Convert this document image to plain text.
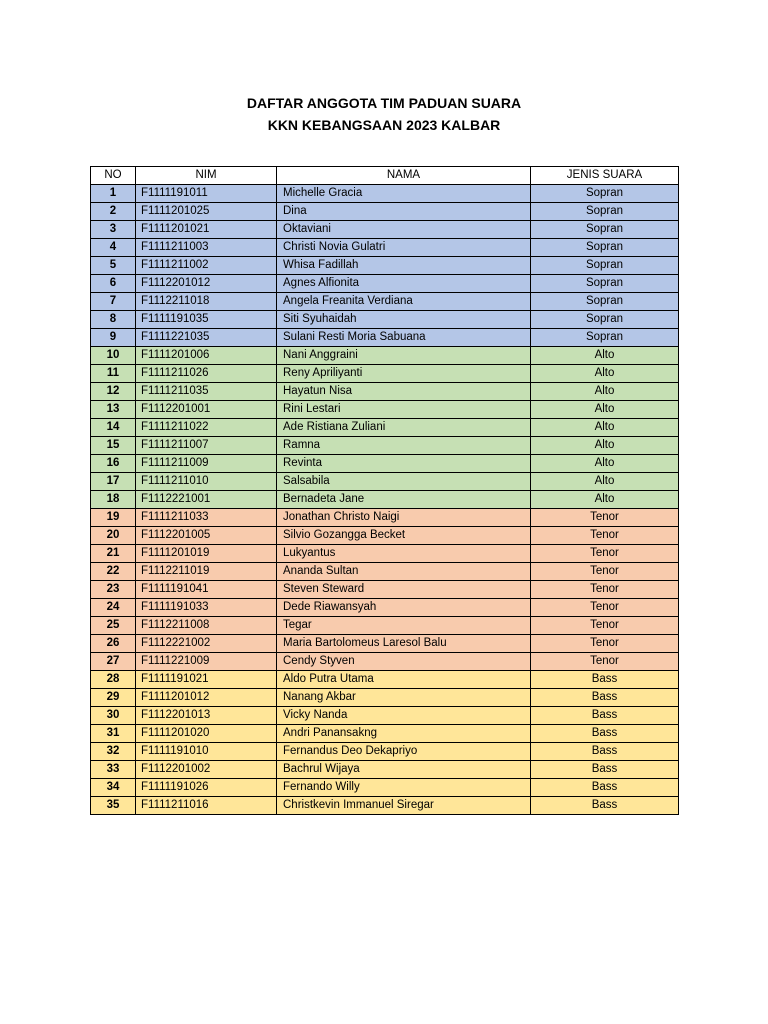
DAFTAR ANGGOTA TIM PADUAN SUARA
KKN KEBANGSAAN 2023 KALBAR
NO	NIM	NAMA	JENIS SUARA
1	F1111191011	Michelle Gracia	Sopran
2	F1111201025	Dina	Sopran
3	F1111201021	Oktaviani	Sopran
4	F1111211003	Christi Novia Gulatri	Sopran
5	F1111211002	Whisa Fadillah	Sopran
6	F1112201012	Agnes Alfionita	Sopran
7	F1112211018	Angela Freanita Verdiana	Sopran
8	F1111191035	Siti Syuhaidah	Sopran
9	F1111221035	Sulani Resti Moria Sabuana	Sopran
10	F1111201006	Nani Anggraini	Alto
11	F1111211026	Reny Apriliyanti	Alto
12	F1111211035	Hayatun Nisa	Alto
13	F1112201001	Rini Lestari	Alto
14	F1111211022	Ade Ristiana Zuliani	Alto
15	F1111211007	Ramna	Alto
16	F1111211009	Revinta	Alto
17	F1111211010	Salsabila	Alto
18	F1112221001	Bernadeta Jane	Alto
19	F1111211033	Jonathan Christo Naigi	Tenor
20	F1112201005	Silvio Gozangga Becket	Tenor
21	F1111201019	Lukyantus	Tenor
22	F1112211019	Ananda Sultan	Tenor
23	F1111191041	Steven Steward	Tenor
24	F1111191033	Dede Riawansyah	Tenor
25	F1112211008	Tegar	Tenor
26	F1112221002	Maria Bartolomeus Laresol Balu	Tenor
27	F1111221009	Cendy Styven	Tenor
28	F1111191021	Aldo Putra Utama	Bass
29	F1111201012	Nanang Akbar	Bass
30	F1112201013	Vicky Nanda	Bass
31	F1111201020	Andri Panansakng	Bass
32	F1111191010	Fernandus Deo Dekapriyo	Bass
33	F1112201002	Bachrul Wijaya	Bass
34	F1111191026	Fernando Willy	Bass
35	F1111211016	Christkevin Immanuel Siregar	Bass
